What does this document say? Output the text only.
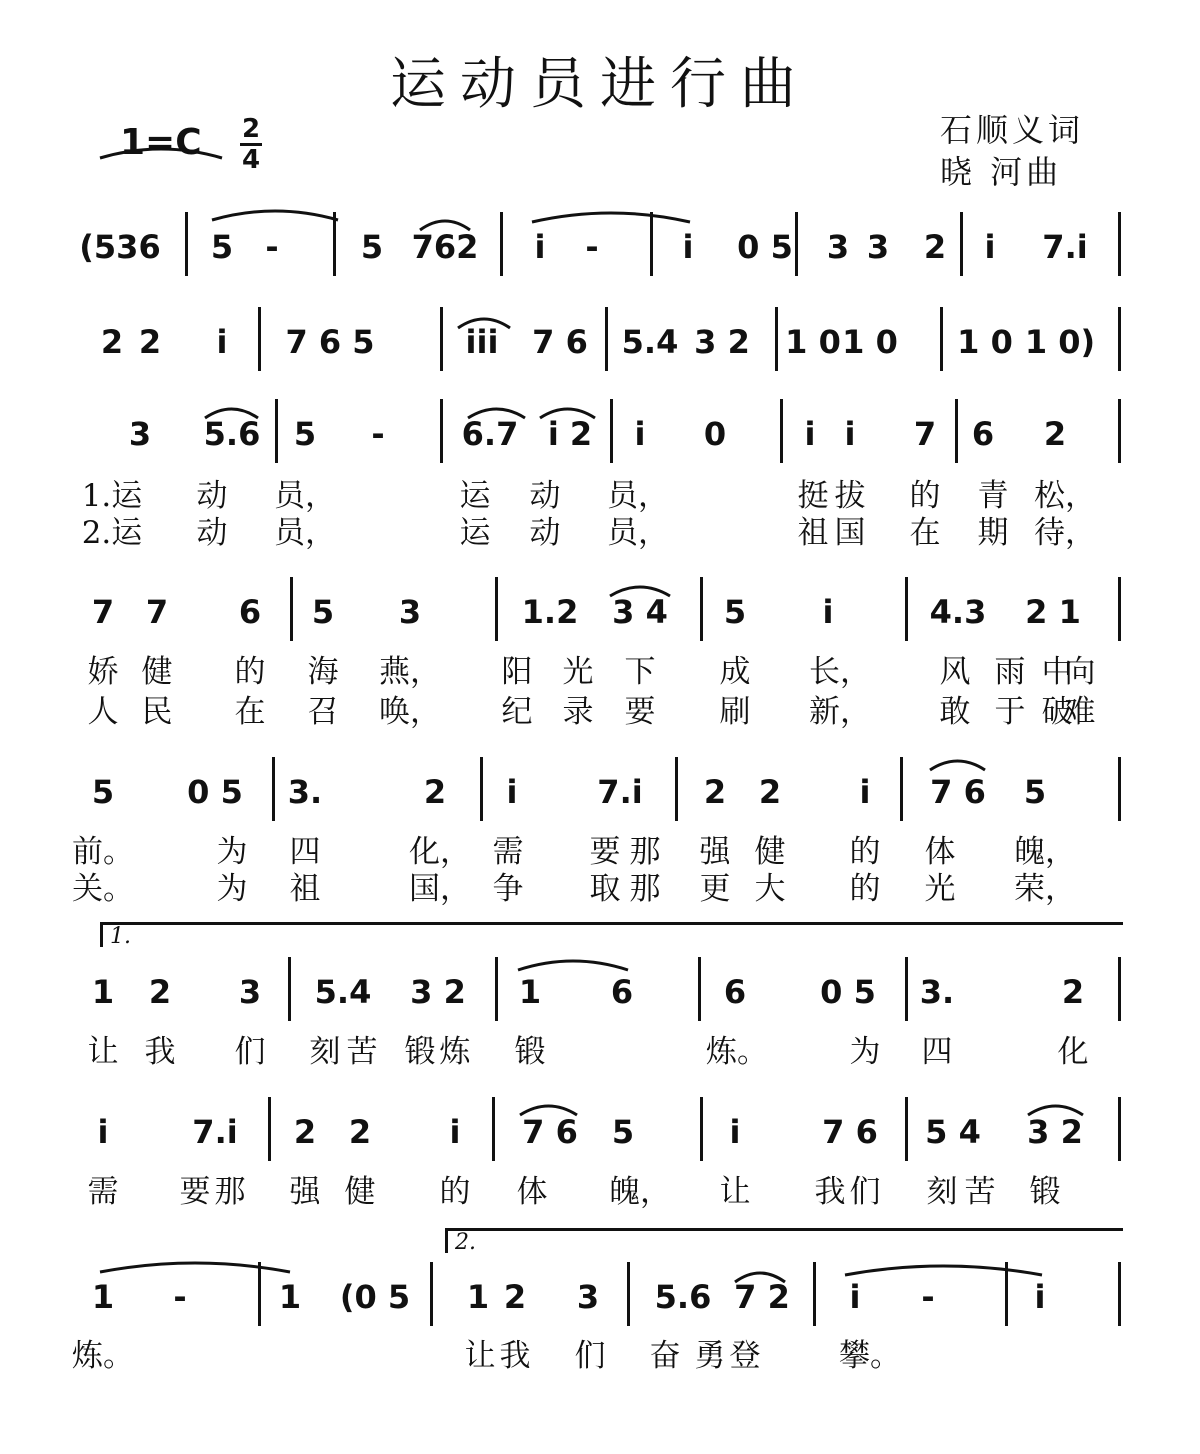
运动员进行曲
1=C 2
4
石顺义词
晓 河曲
(536 5 -	5 762 i -	i 0 5 3 3 2 i 7.i
2 2 i 7 6 5	iii 7 6 5.4 3 2 1 0 1 0 1 0 1 0)
3 5.6 5 - 6.7 i 2 i 0 i i 7 6 2
1.运 动 员，	运 动 员，	挺 拔 的 青 松，
2.运 动 员，	运 动 员，	祖 国 在 期 待，
7 7 6 5 3	1.2 3 4 5 i	4.3 2 1
娇 健 的 海 燕， 阳 光 下 成 长， 风 雨 中
向
人 民 在 召 唤， 纪 录 要 刷 新， 敢 于 破
难
5 0 5 3.	2 i 7.i 2 2 i 7 6 5
前。	为 四	化， 需 要 那 强 健 的 体 魄，
关。	为 祖	国， 争 取 那 更 大 的 光 荣，
1 2 3 5.4 3 2 1 6	6 0 5 3.	2
让 我 们 刻 苦 锻 炼 锻	炼。	为 四	化
1.
i	7.i 2 2 i 7 6 5	i	7 6 5 4 3 2
需 要 那 强 健 的 体 魄， 让 我 们 刻 苦 锻
1 -	1 (0 5 1 2 3 5.6 7 2 i -	i
炼。	让 我 们 奋 勇 登	攀。
2.
